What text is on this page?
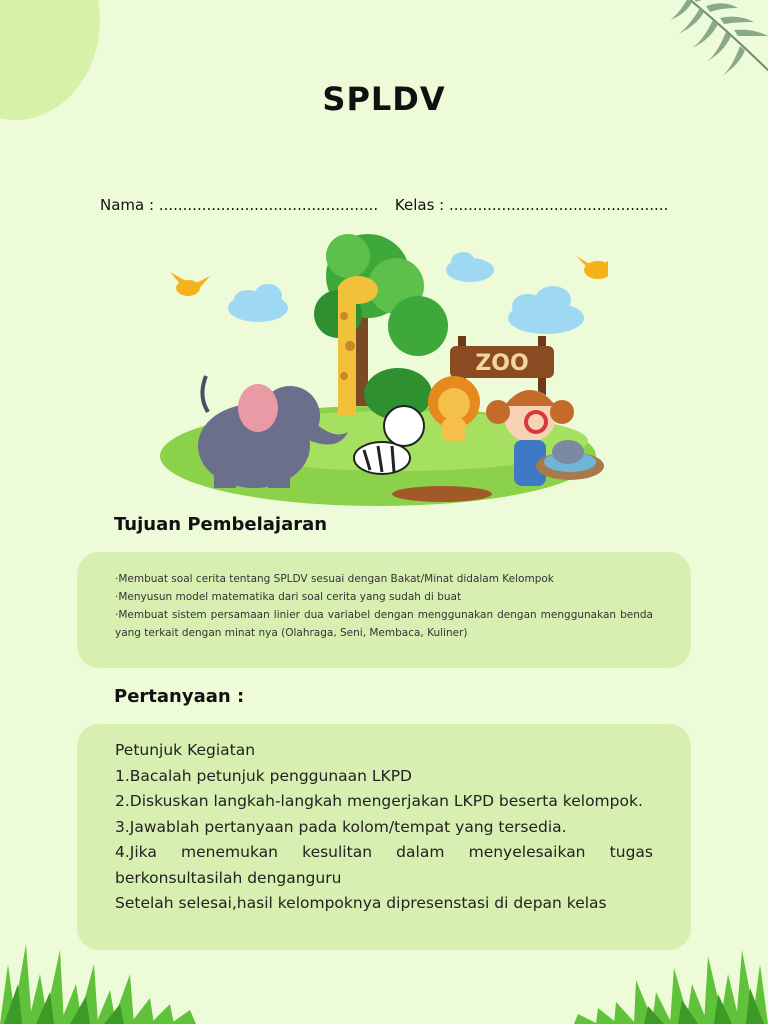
SPLDV
Nama : .............................................. Kelas : ..............................................
ZOO
Tujuan Pembelajaran

·Membuat soal cerita tentang SPLDV sesuai dengan Bakat/Minat didalam Kelompok

·Menyusun model matematika dari soal cerita yang sudah di buat

·Membuat sistem persamaan linier dua variabel dengan menggunakan dengan menggunakan benda yang terkait dengan minat nya (Olahraga, Seni, Membaca, Kuliner)

Pertanyaan :

Petunjuk Kegiatan

1.Bacalah petunjuk penggunaan LKPD

2.Diskuskan langkah-langkah mengerjakan LKPD beserta kelompok.

3.Jawablah pertanyaan pada kolom/tempat yang tersedia.

4.Jika menemukan kesulitan dalam menyelesaikan tugas berkonsultasilah denganguru

Setelah selesai,hasil kelompoknya dipresenstasi di depan kelas
